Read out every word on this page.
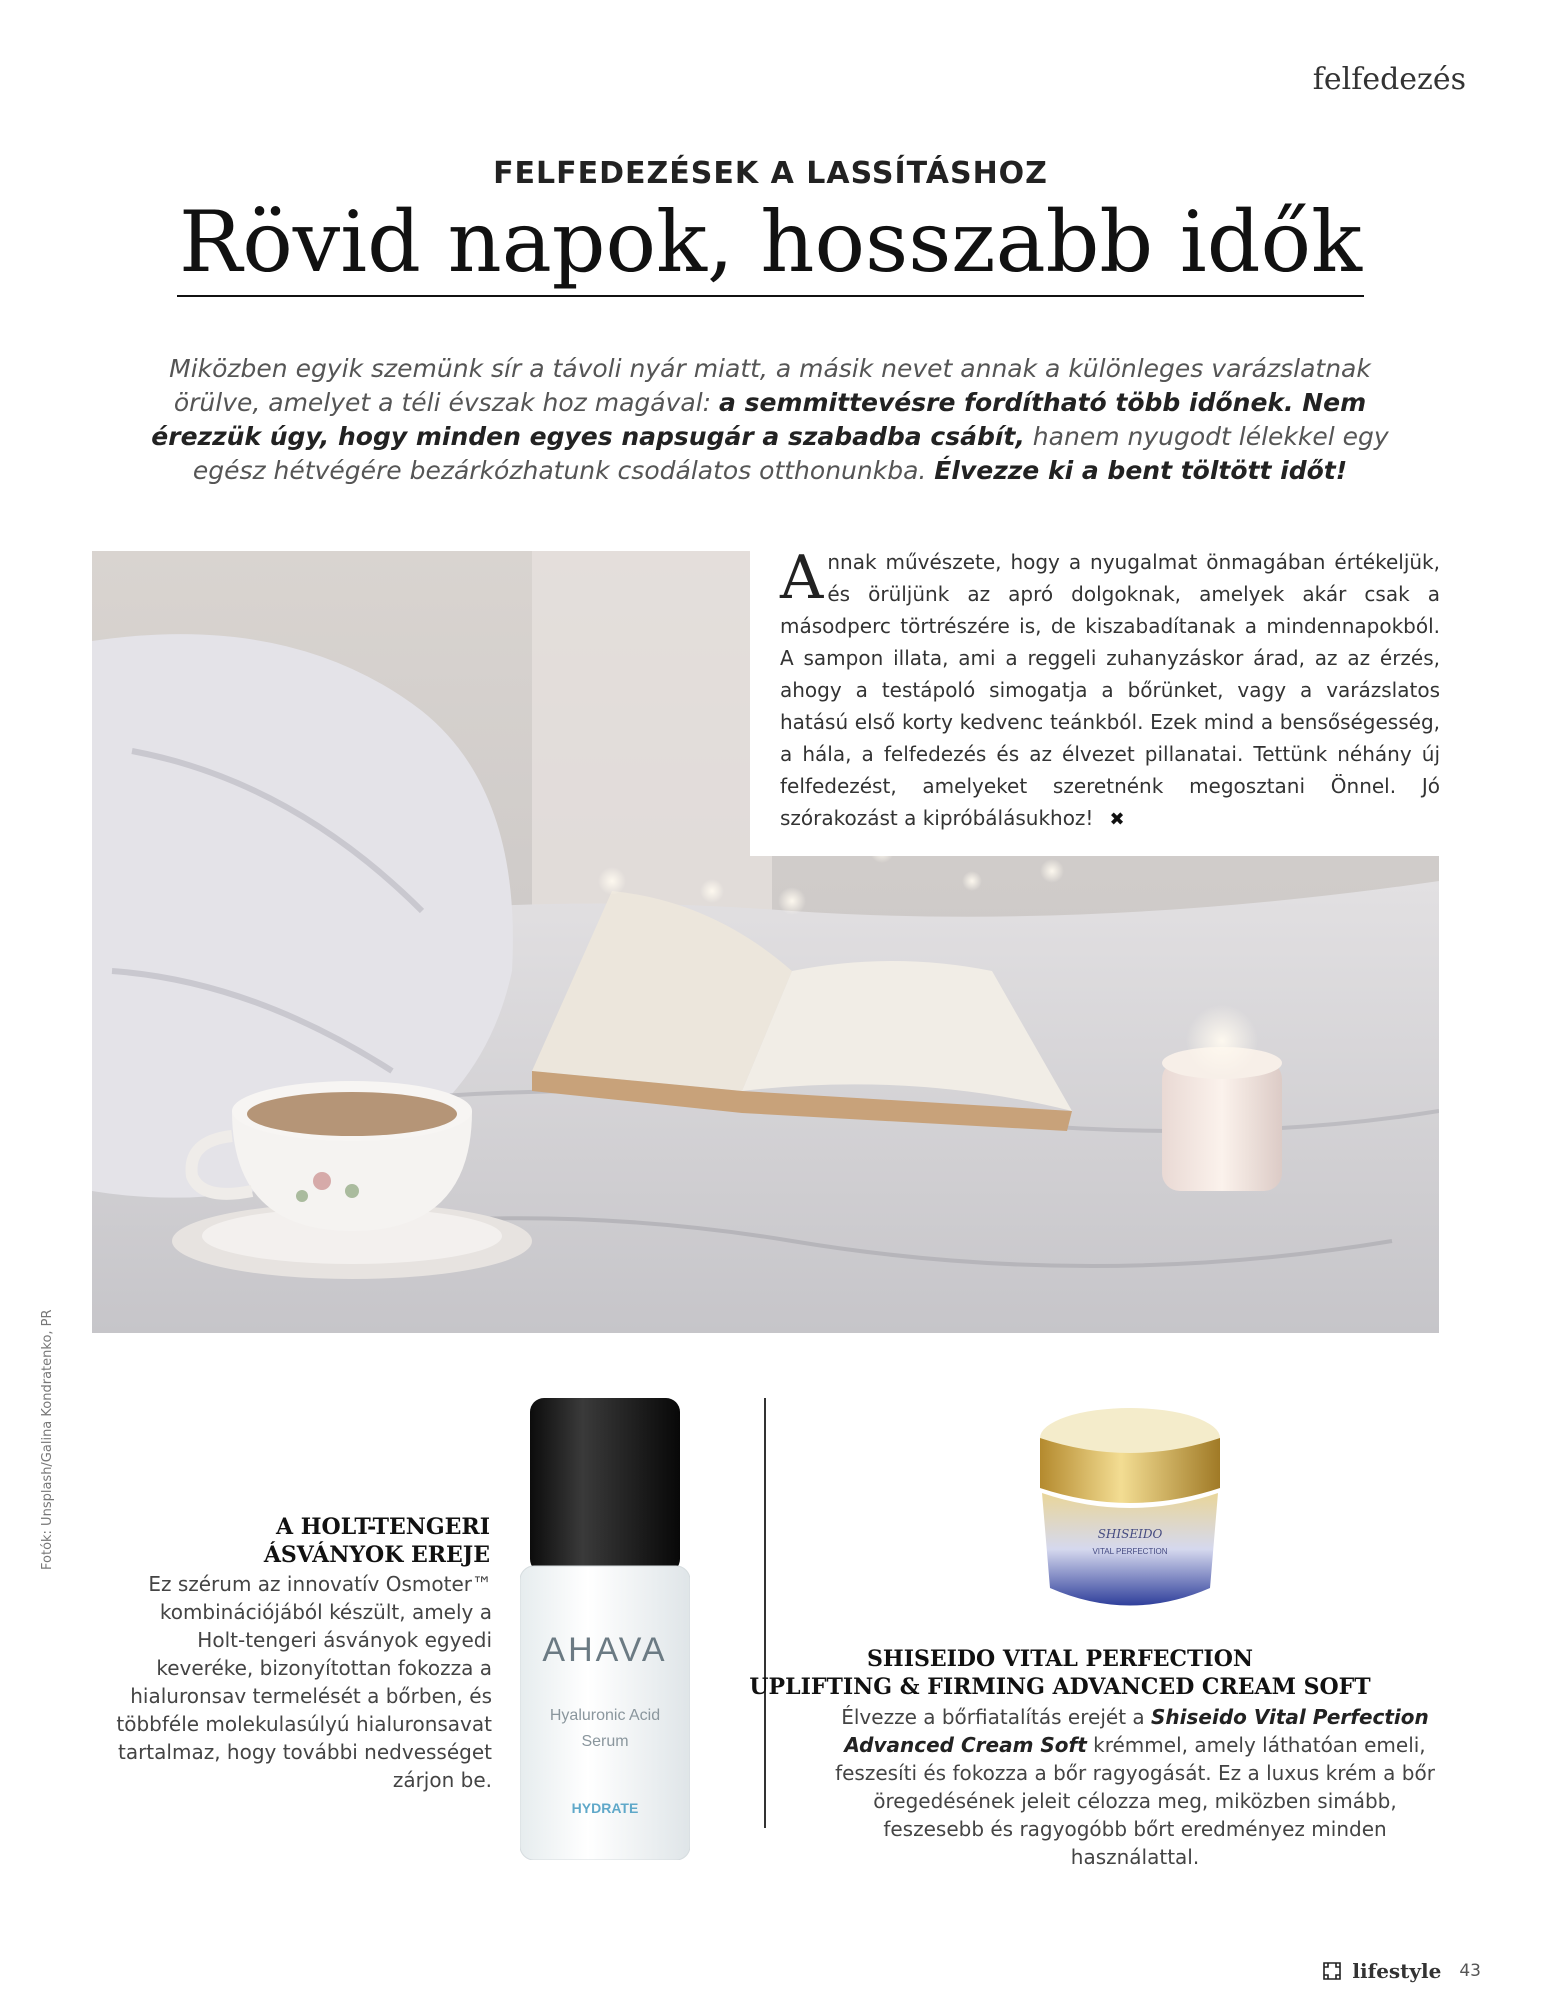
felfedezés
FELFEDEZÉSEK A LASSÍTÁSHOZ
Rövid napok, hosszabb idők
Miközben egyik szemünk sír a távoli nyár miatt, a másik nevet annak a különleges varázslatnak örülve, amelyet a téli évszak hoz magával: a semmittevésre fordítható több időnek. Nem érezzük úgy, hogy minden egyes napsugár a szabadba csábít, hanem nyugodt lélekkel egy egész hétvégére bezárkózhatunk csodálatos otthonunkba. Élvezze ki a bent töltött időt!
Annak művészete, hogy a nyugalmat önmagában értékeljük, és örüljünk az apró dolgoknak, amelyek akár csak a másodperc törtrészére is, de kiszabadítanak a mindennapokból. A sampon illata, ami a reggeli zuhanyzáskor árad, az az érzés, ahogy a testápoló simogatja a bőrünket, vagy a varázslatos hatású első korty kedvenc teánkból. Ezek mind a bensőségesség, a hála, a felfedezés és az élvezet pillanatai. Tettünk néhány új felfedezést, amelyeket szeretnénk megosztani Önnel. Jó szórakozást a kipróbálásukhoz! ✖
Fotók: Unsplash/Galina Kondratenko, PR	A HOLT-TENGERI
ÁSVÁNYOK EREJE
Ez szérum az innovatív Osmoter™ kombinációjából készült, amely a Holt-tengeri ásványok egyedi keveréke, bizonyítottan fokozza a hialuronsav termelését a bőrben, és többféle molekulasúlyú hialuronsavat tartalmaz, hogy további nedvességet zárjon be.
AHAVA
Hyaluronic Acid
Serum
HYDRATE
SHISEIDO
VITAL PERFECTION
SHISEIDO VITAL PERFECTION
UPLIFTING & FIRMING ADVANCED CREAM SOFT
Élvezze a bőrfiatalítás erejét a Shiseido Vital Perfection Advanced Cream Soft krémmel, amely láthatóan emeli, feszesíti és fokozza a bőr ragyogását. Ez a luxus krém a bőr öregedésének jeleit célozza meg, miközben simább, feszesebb és ragyogóbb bőrt eredményez minden használattal.
lifestyle 43
